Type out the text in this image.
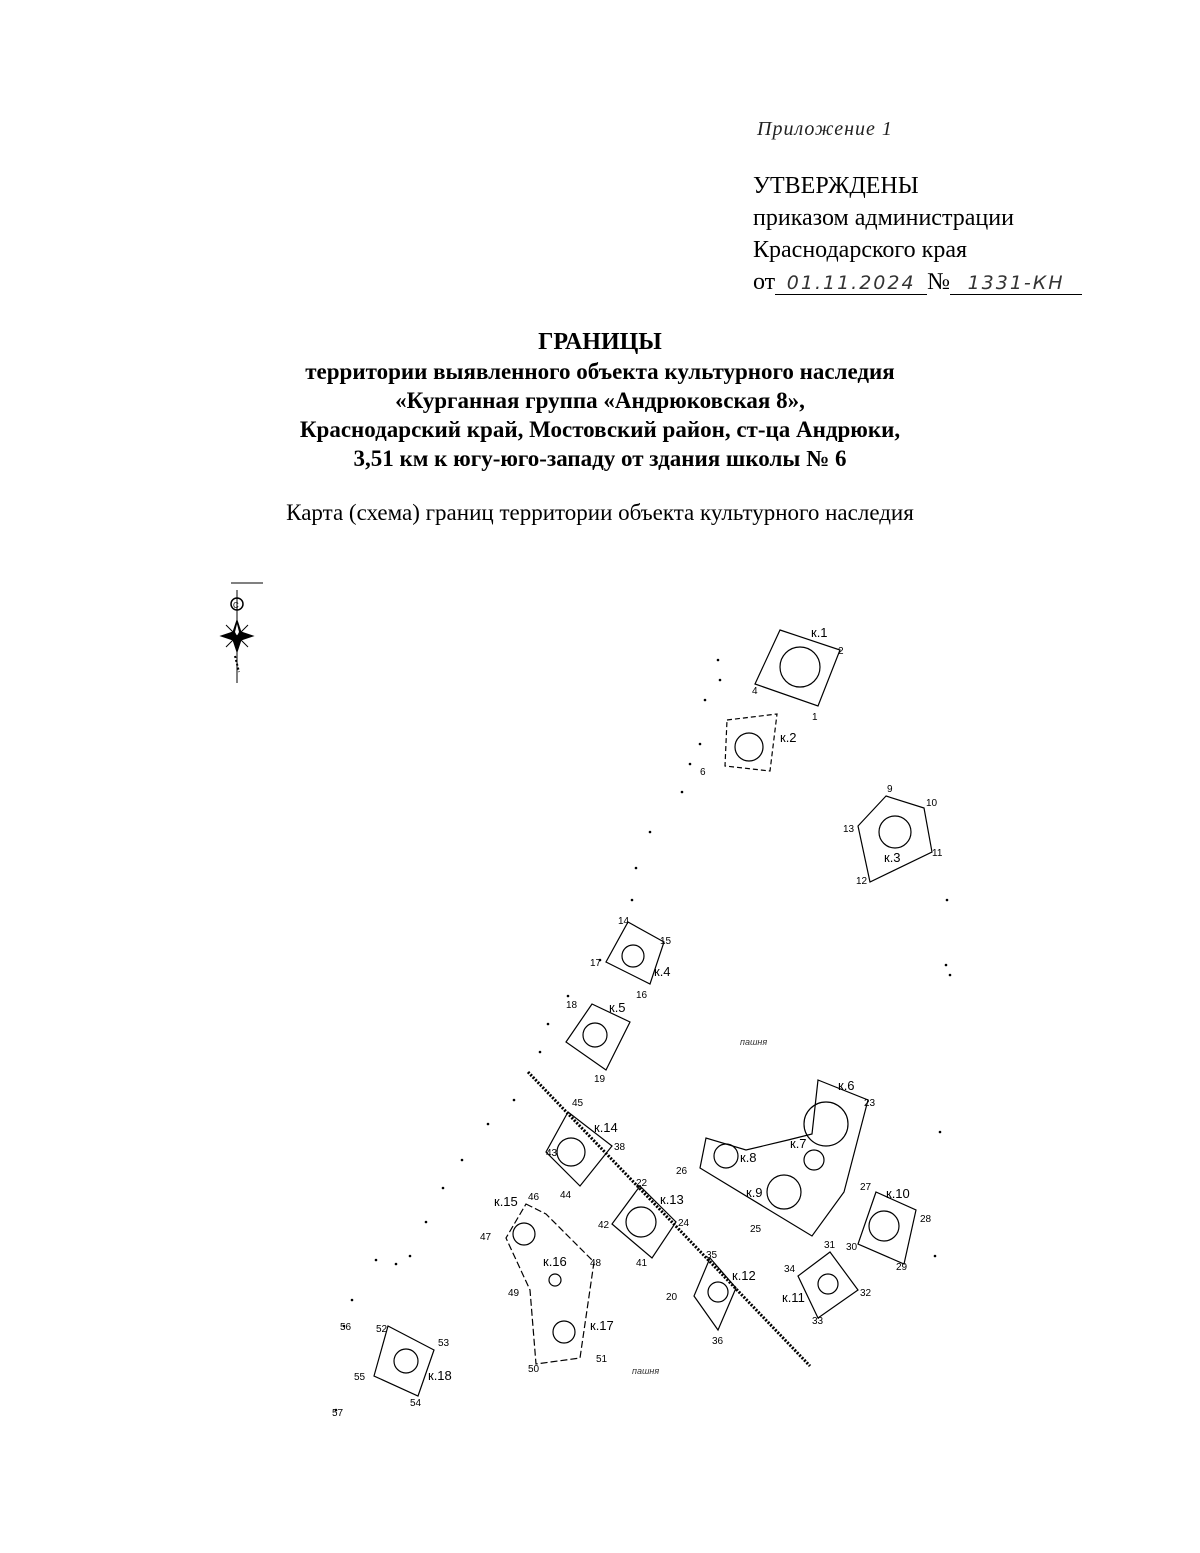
Приложение 1
УТВЕРЖДЕНЫ
приказом администрации
Краснодарского края
от 01.11.2024 № 1331-КН
ГРАНИЦЫ
территории выявленного объекта культурного наследия
«Курганная группа «Андрюковская 8»,
Краснодарский край, Мостовский район, ст-ца Андрюки,
3,51 км к югу-юго-западу от здания школы № 6
Карта (схема) границ территории объекта культурного наследия
С
к.1
к.2
к.3
к.4
к.5
к.6
к.7
к.8
к.9	к.10
к.11
к.12
к.13
к.14
к.15
к.16
к.17
к.18
пашня
пашня
2
1
4
6
9
10
11
12
13
14
15
16
17
18
19
23
25
26
27
28
29
30
31
32
33
34
35
36
20
22
24
41
42
43
38
44
45
46
47
48
49
50
51
52
53
54
55
56
57
